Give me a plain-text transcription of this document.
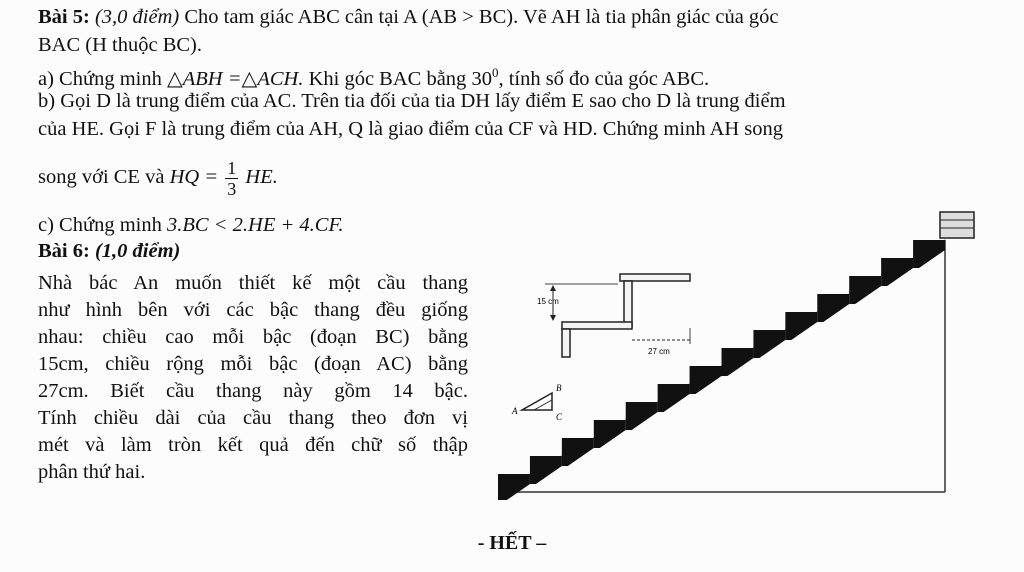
Bài 5: (3,0 điểm) Cho tam giác ABC cân tại A (AB > BC). Vẽ AH là tia phân giác của góc
BAC (H thuộc BC).
a) Chứng minh △ABH =△ACH. Khi góc BAC bằng $30^0$, tính số đo của góc ABC.
b) Gọi D là trung điểm của AC. Trên tia đối của tia DH lấy điểm E sao cho D là trung điểm
của HE. Gọi F là trung điểm của AH, Q là giao điểm của CF và HD. Chứng minh AH song
song với CE và HQ = $\frac{1}{3}$ HE.
c) Chứng minh 3.BC < 2.HE + 4.CF.
Bài 6: (1,0 điểm)
Nhà bác An muốn thiết kế một cầu thang
như hình bên với các bậc thang đều giống
nhau: chiều cao mỗi bậc (đoạn BC) bằng
15cm, chiều rộng mỗi bậc (đoạn AC) bằng
27cm. Biết cầu thang này gồm 14 bậc.
Tính chiều dài của cầu thang theo đơn vị
mét và làm tròn kết quả đến chữ số thập
phân thứ hai.
15 cm
27 cm
A
B
C
- HẾT –
